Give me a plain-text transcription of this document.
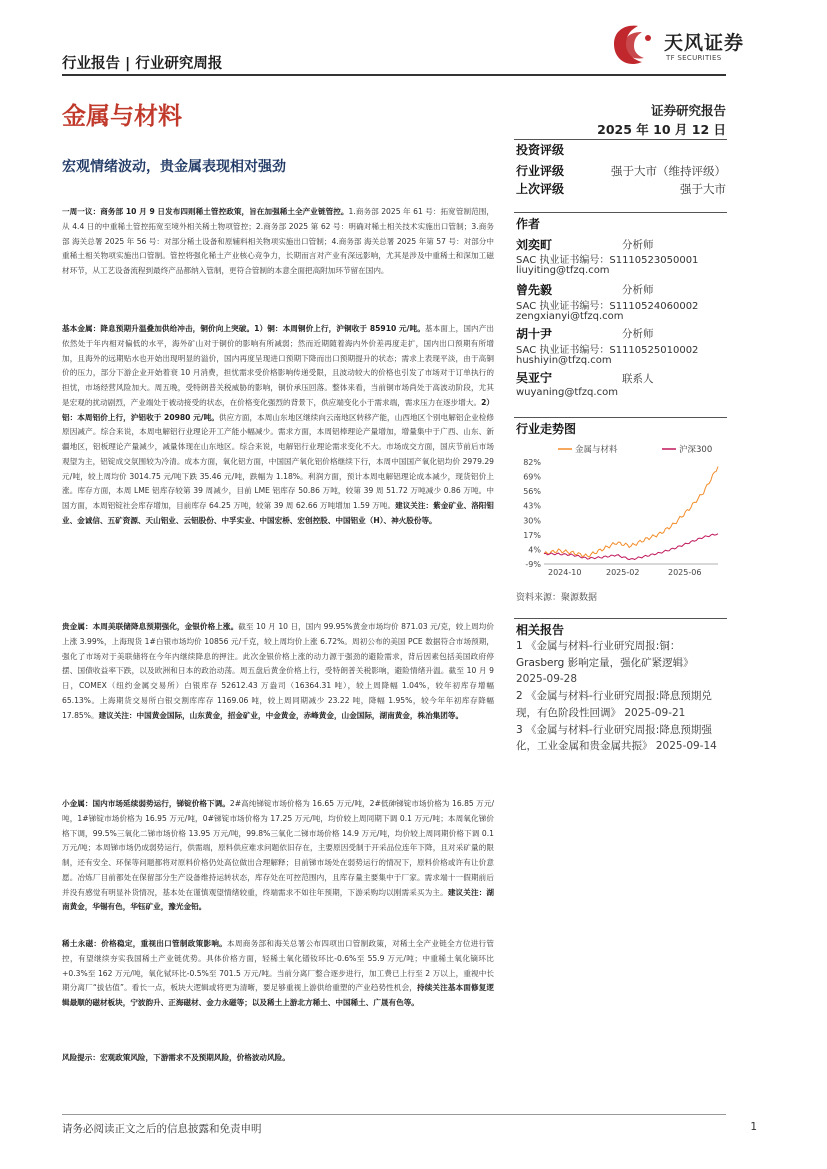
行业报告 | 行业研究周报
天风证券
TF SECURITIES
金属与材料	证券研究报告
2025 年 10 月 12 日
宏观情绪波动，贵金属表现相对强劲
投资评级
行业评级	强于大市（维持评级）
上次评级	强于大市
作者
刘奕町	分析师
SAC 执业证书编号：S1110523050001
liuyiting@tfzq.com
曾先毅	分析师
SAC 执业证书编号：S1110524060002
zengxianyi@tfzq.com
胡十尹	分析师
SAC 执业证书编号：S1110525010002
hushiyin@tfzq.com
吴亚宁	联系人
wuyaning@tfzq.com
行业走势图
金属与材料	沪深300
82%
69%
56%
43%
30%
17%
4%
-9%
2024-10	2025-02	2025-06
资料来源：聚源数据
相关报告
1 《金属与材料-行业研究周报:铜：Grasberg 影响定量，强化矿紧逻辑》 2025-09-28
2 《金属与材料-行业研究周报:降息预期兑现，有色阶段性回调》 2025-09-21
3 《金属与材料-行业研究周报:降息预期强化，工业金属和贵金属共振》 2025-09-14

一周一议：商务部 10 月 9 日发布四则稀土管控政策，旨在加强稀土全产业链管控。1.商务部 2025 年 61 号：拓宽管制范围，从 4.4 日的中重稀土管控拓宽至境外相关稀土物项管控；2.商务部 2025 第 62 号：明确对稀土相关技术实施出口管制；3.商务部 海关总署 2025 年 56 号：对部分稀土设备和原辅料相关物项实施出口管制；4.商务部 海关总署 2025 年第 57 号：对部分中重稀土相关物项实施出口管制。管控将强化稀土产业核心竞争力，长期而言对产业有深远影响，尤其是涉及中重稀土和深加工磁材环节，从工艺设备流程到最终产品都纳入管制，更符合管制的本意全面把高附加环节留在国内。

基本金属：降息预期升温叠加供给冲击，铜价向上突破。1）铜：本周铜价上行，沪铜收于 85910 元/吨。基本面上，国内产出依然处于年内相对偏低的水平，海外矿山对于铜价的影响有所减弱；然而近期随着海内外价差再度走扩，国内出口预期有所增加，且海外的远期贴水也开始出现明显的溢价，国内再度呈现进口预期下降而出口预期提升的状态；需求上表现平淡，由于高铜价的压力，部分下游企业开始着衰 10 月消费，担忧需求受价格影响传递受限，且波动较大的价格也引发了市场对于订单执行的担忧，市场经营风险加大。周五晚，受特朗普关税威胁的影响，铜价承压回落。整体来看，当前铜市场尚处于高波动阶段，尤其是宏观的扰动剧烈，产业端处于被动接受的状态，在价格变化强烈的背景下，供应端变化小于需求端，需求压力在逐步增大。2）铝：本周铝价上行，沪铝收于 20980 元/吨。供应方面，本周山东地区继续向云南地区转移产能，山西地区个别电解铝企业检修原因减产。综合来说，本周电解铝行业理论开工产能小幅减少。需求方面，本周铝棒理论产量增加，增量集中于广西、山东、新疆地区，铝板理论产量减少，减量体现在山东地区。综合来说，电解铝行业理论需求变化不大。市场成交方面，国庆节前后市场观望为主，铝锭成交氛围较为冷清。成本方面，氧化铝方面，中国国产氧化铝价格继续下行，本周中国国产氧化铝均价 2979.29 元/吨，较上周均价 3014.75 元/吨下跌 35.46 元/吨，跌幅为 1.18%。利润方面，预计本周电解铝理论成本减少，现货铝价上涨。库存方面，本周 LME 铝库存较第 39 周减少，目前 LME 铝库存 50.86 万吨，较第 39 周 51.72 万吨减少 0.86 万吨。中国方面，本周铝锭社会库存增加，目前库存 64.25 万吨，较第 39 周 62.66 万吨增加 1.59 万吨。建议关注：紫金矿业、洛阳钼业、金诚信、五矿资源、天山铝业、云铝股份、中孚实业、中国宏桥、宏创控股、中国铝业（H）、神火股份等。

贵金属：本周美联储降息预期强化，金银价格上涨。截至 10 月 10 日，国内 99.95%黄金市场均价 871.03 元/克，较上周均价上涨 3.99%，上海现货 1#白银市场均价 10856 元/千克，较上周均价上涨 6.72%。周初公布的美国 PCE 数据符合市场预期，强化了市场对于美联储将在今年内继续降息的押注。此次金银价格上涨的动力源于强劲的避险需求，背后因素包括美国政府停摆、国债收益率下跌，以及欧洲和日本的政治动荡。周五盘后黄金价格上行，受特朗普关税影响，避险情绪升温。截至 10 月 9 日，COMEX（纽约金属交易所）白银库存 52612.43 万盎司（16364.31 吨），较上周降幅 1.04%，较年初库存增幅 65.13%。上海期货交易所白银交割库库存 1169.06 吨，较上周同期减少 23.22 吨，降幅 1.95%，较今年年初库存降幅 17.85%。建议关注：中国黄金国际，山东黄金，招金矿业，中金黄金，赤峰黄金，山金国际，湖南黄金，株冶集团等。

小金属：国内市场延续弱势运行，锑锭价格下调。2#高纯锑锭市场价格为 16.65 万元/吨，2#低砷锑锭市场价格为 16.85 万元/吨，1#锑锭市场价格为 16.95 万元/吨，0#锑锭市场价格为 17.25 万元/吨，均价较上周同期下调 0.1 万元/吨；本周氧化锑价格下调，99.5%三氧化二锑市场价格 13.95 万元/吨，99.8%三氧化二锑市场价格 14.9 万元/吨，均价较上周同期价格下调 0.1 万元/吨；本周锑市场仍成弱势运行，供需端，原料供应难求问题依旧存在，主要原因受制于开采品位连年下降，且对采矿量的限制，还有安全、环保等问题都将对原料价格仍处高位做出合理解释；目前锑市场处在弱势运行的情况下，原料价格或许有让价意愿。冶炼厂目前都处在保留部分生产设备维持运转状态，库存处在可控范围内，且库存量主要集中于厂家。需求端十一假期前后并没有感觉有明显补货情况，基本处在谨慎观望情绪较重，终端需求不如往年预期，下游采购均以刚需采买为主。建议关注：湖南黄金，华锡有色，华钰矿业，豫光金铅。

稀土永磁：价格稳定，重视出口管制政策影响。本周商务部和海关总署公布四项出口管制政策，对稀土全产业链全方位进行管控，有望继续夯实我国稀土产业链优势。具体价格方面，轻稀土氧化镨钕环比-0.6%至 55.9 万元/吨；中重稀土氧化镝环比+0.3%至 162 万元/吨，氧化铽环比-0.5%至 701.5 万元/吨。当前分离厂整合逐步进行，加工费已上行至 2 万以上，重视中长期分离厂“拔估值”。看长一点，板块大逻辑或将更为清晰，要足够重视上游供给重塑的产业趋势性机会，持续关注基本面修复逻辑最顺的磁材板块，宁波韵升、正海磁材、金力永磁等；以及稀土上游北方稀土、中国稀土、广晟有色等。

风险提示：宏观政策风险，下游需求不及预期风险，价格波动风险。

请务必阅读正文之后的信息披露和免责申明	1
